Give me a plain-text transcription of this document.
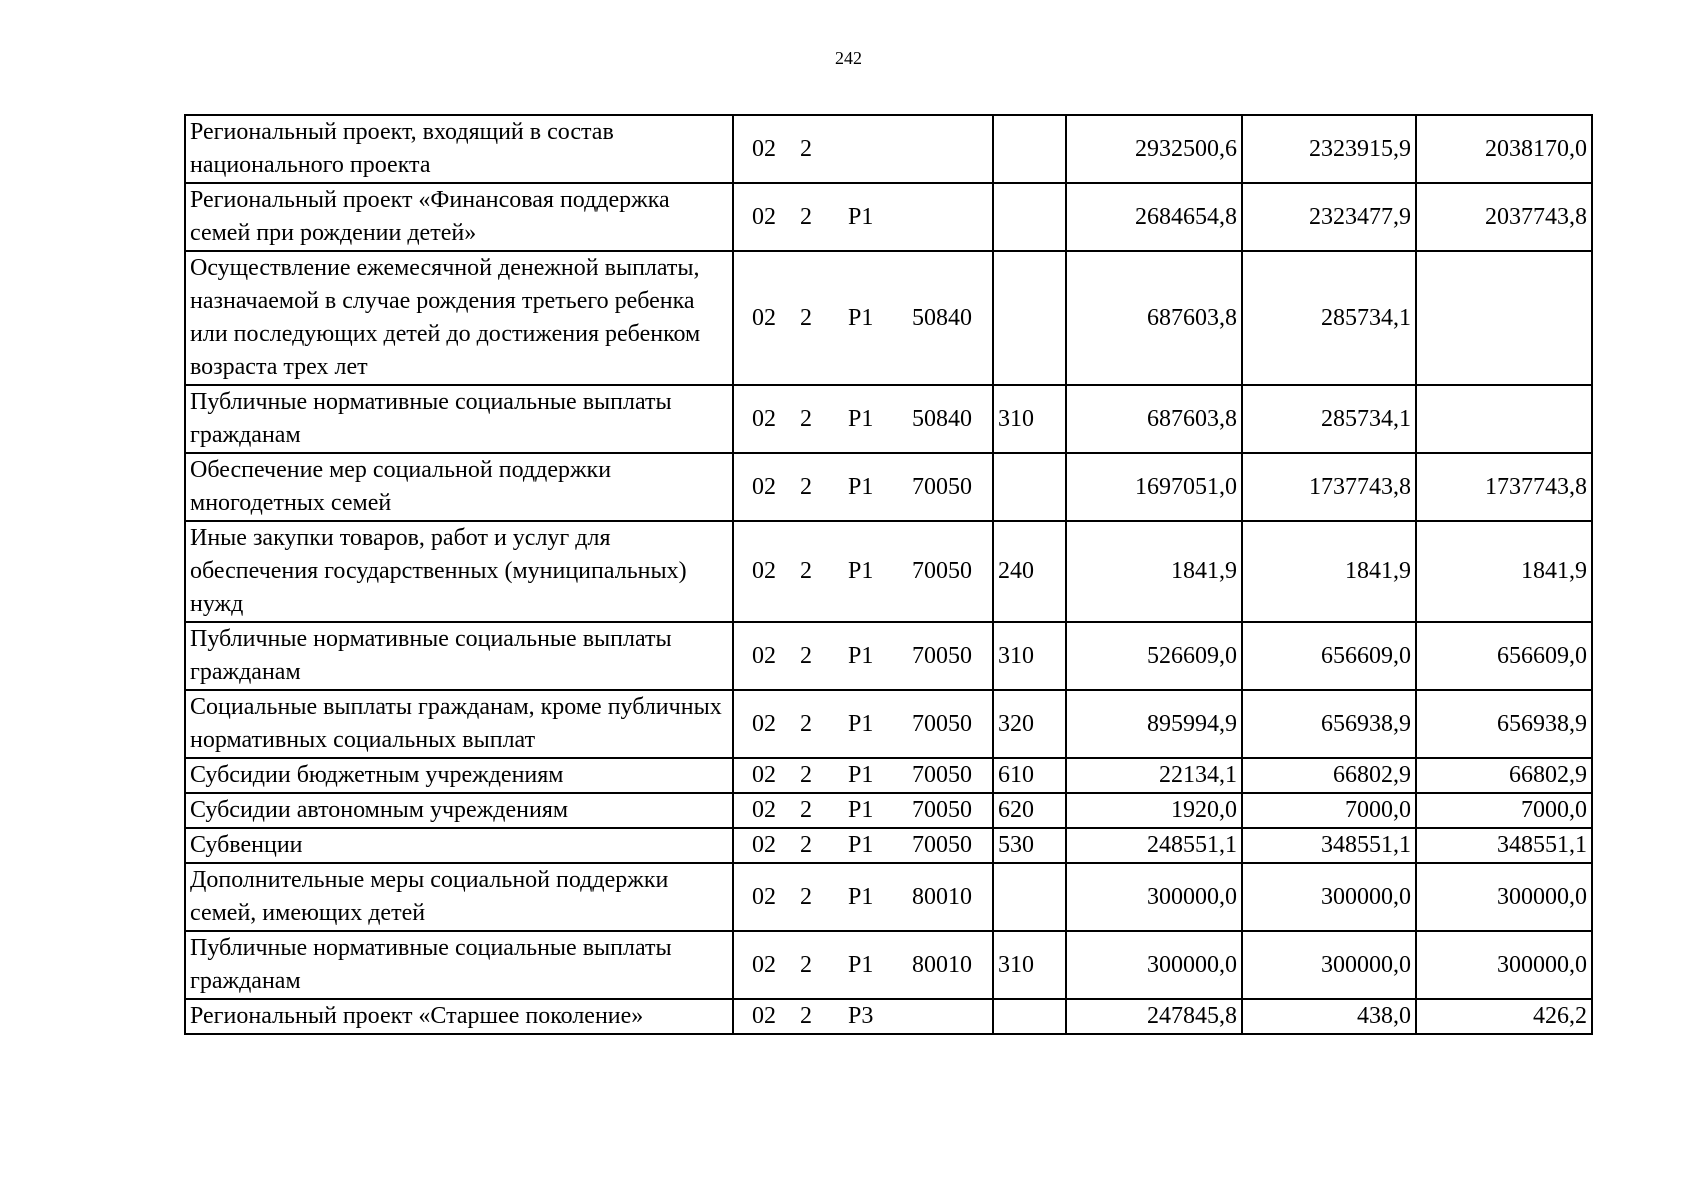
242
Региональный проект, входящий в состав национального проекта	02 2		2932500,6	2323915,9	2038170,0
Региональный проект «Финансовая поддержка семей при рождении детей»	02 2 Р1		2684654,8	2323477,9	2037743,8
Осуществление ежемесячной денежной выплаты, назначаемой в случае рождения третьего ребенка или последующих детей до достижения ребенком возраста трех лет	02 2 Р1 50840		687603,8	285734,1	
Публичные нормативные социальные выплаты гражданам	02 2 Р1 50840	310	687603,8	285734,1	
Обеспечение мер социальной поддержки многодетных семей	02 2 Р1 70050		1697051,0	1737743,8	1737743,8
Иные закупки товаров, работ и услуг для обеспечения государственных (муниципальных) нужд	02 2 Р1 70050	240	1841,9	1841,9	1841,9
Публичные нормативные социальные выплаты гражданам	02 2 Р1 70050	310	526609,0	656609,0	656609,0
Социальные выплаты гражданам, кроме публичных нормативных социальных выплат	02 2 Р1 70050	320	895994,9	656938,9	656938,9
Субсидии бюджетным учреждениям	02 2 Р1 70050	610	22134,1	66802,9	66802,9
Субсидии автономным учреждениям	02 2 Р1 70050	620	1920,0	7000,0	7000,0
Субвенции	02 2 Р1 70050	530	248551,1	348551,1	348551,1
Дополнительные меры социальной поддержки семей, имеющих детей	02 2 Р1 80010		300000,0	300000,0	300000,0
Публичные нормативные социальные выплаты гражданам	02 2 Р1 80010	310	300000,0	300000,0	300000,0
Региональный проект «Старшее поколение»	02 2 Р3		247845,8	438,0	426,2
